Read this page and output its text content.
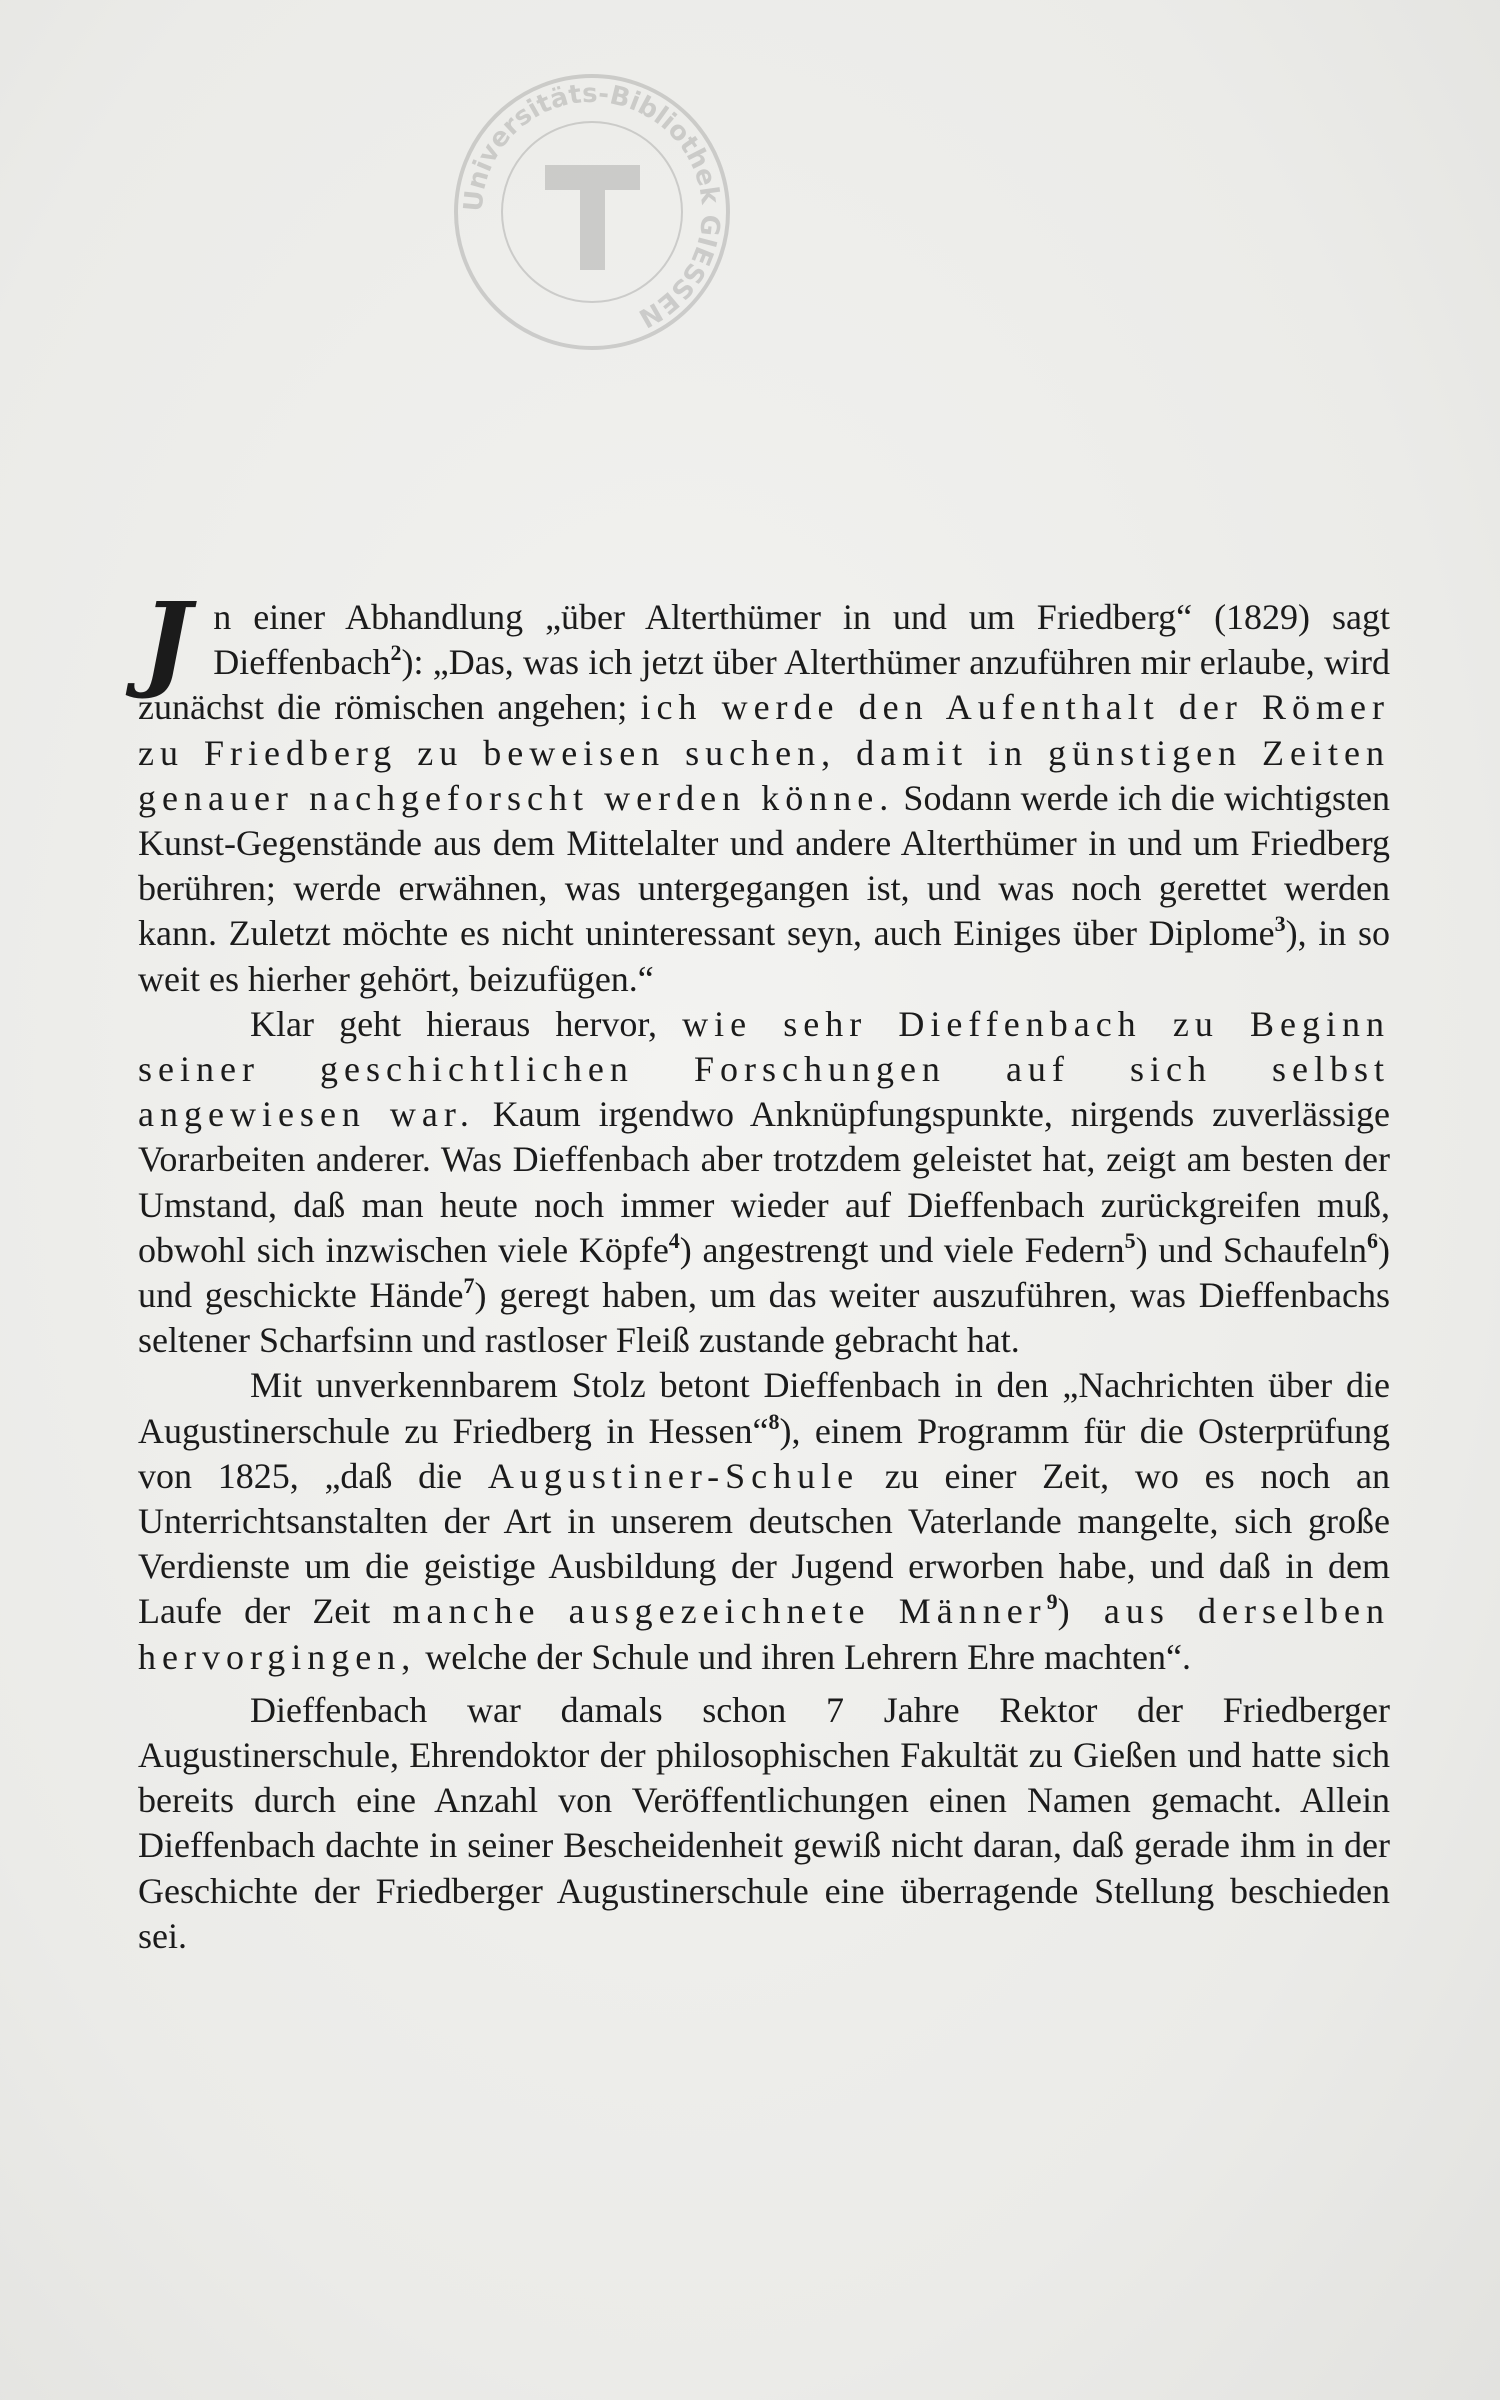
Universitäts-Bibliothek GIESSEN

Jn einer Abhandlung „über Alterthümer in und um Friedberg“ (1829) sagt Dieffenbach$^2$): „Das, was ich jetzt über Alterthümer anzuführen mir erlaube, wird zunächst die römischen angehen; ich werde den Aufenthalt der Römer zu Friedberg zu beweisen suchen, damit in günstigen Zeiten genauer nachgeforscht werden könne. Sodann werde ich die wichtigsten Kunst-Gegenstände aus dem Mittelalter und andere Alterthümer in und um Friedberg berühren; werde erwähnen, was untergegangen ist, und was noch gerettet werden kann. Zuletzt möchte es nicht uninteressant seyn, auch Einiges über Diplome$^3$), in so weit es hierher gehört, beizufügen.“

Klar geht hieraus hervor, wie sehr Dieffenbach zu Beginn seiner geschichtlichen Forschungen auf sich selbst angewiesen war. Kaum irgendwo Anknüpfungspunkte, nirgends zuverlässige Vorarbeiten anderer. Was Dieffenbach aber trotzdem geleistet hat, zeigt am besten der Umstand, daß man heute noch immer wieder auf Dieffenbach zurückgreifen muß, obwohl sich inzwischen viele Köpfe$^4$) angestrengt und viele Federn$^5$) und Schaufeln$^6$) und geschickte Hände$^7$) geregt haben, um das weiter auszuführen, was Dieffenbachs seltener Scharfsinn und rastloser Fleiß zustande gebracht hat.

Mit unverkennbarem Stolz betont Dieffenbach in den „Nachrichten über die Augustinerschule zu Friedberg in Hessen“$^8$), einem Programm für die Osterprüfung von 1825, „daß die Augustiner-Schule zu einer Zeit, wo es noch an Unterrichtsanstalten der Art in unserem deutschen Vaterlande mangelte, sich große Verdienste um die geistige Ausbildung der Jugend erworben habe, und daß in dem Laufe der Zeit manche ausgezeichnete Männer$^9$) aus derselben hervorgingen, welche der Schule und ihren Lehrern Ehre machten“.

Dieffenbach war damals schon 7 Jahre Rektor der Friedberger Augustinerschule, Ehrendoktor der philosophischen Fakultät zu Gießen und hatte sich bereits durch eine Anzahl von Veröffentlichungen einen Namen gemacht. Allein Dieffenbach dachte in seiner Bescheidenheit gewiß nicht daran, daß gerade ihm in der Geschichte der Friedberger Augustinerschule eine überragende Stellung beschieden sei.
